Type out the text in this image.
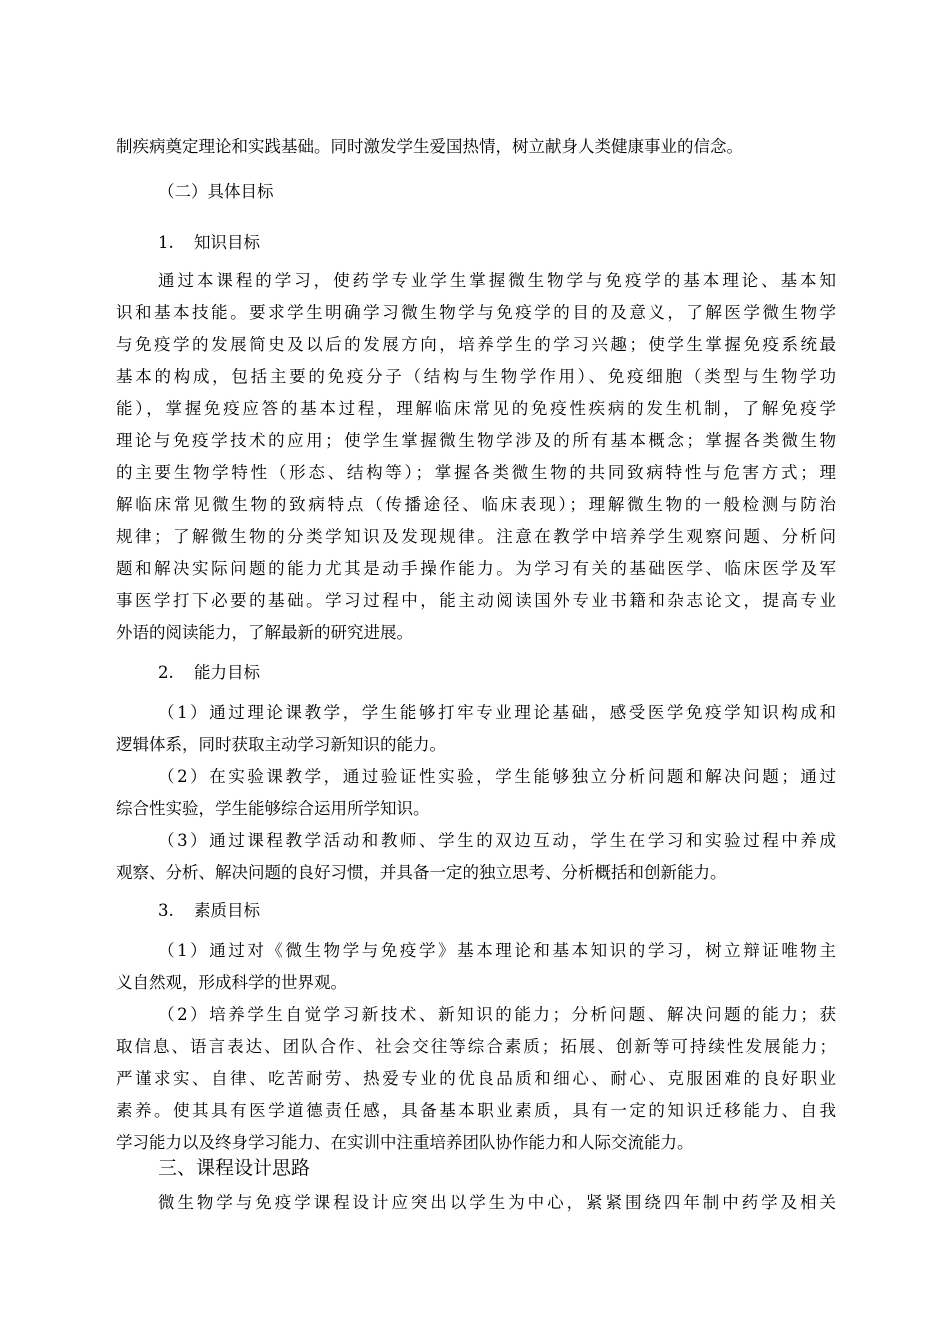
制疾病奠定理论和实践基础。同时激发学生爱国热情，树立献身人类健康事业的信念。
（二）具体目标
1. 知识目标
通过本课程的学习，使药学专业学生掌握微生物学与免疫学的基本理论、基本知
识和基本技能。要求学生明确学习微生物学与免疫学的目的及意义，了解医学微生物学
与免疫学的发展简史及以后的发展方向，培养学生的学习兴趣；使学生掌握免疫系统最
基本的构成，包括主要的免疫分子（结构与生物学作用）、免疫细胞（类型与生物学功
能），掌握免疫应答的基本过程，理解临床常见的免疫性疾病的发生机制，了解免疫学
理论与免疫学技术的应用；使学生掌握微生物学涉及的所有基本概念；掌握各类微生物
的主要生物学特性（形态、结构等）；掌握各类微生物的共同致病特性与危害方式；理
解临床常见微生物的致病特点（传播途径、临床表现）；理解微生物的一般检测与防治
规律；了解微生物的分类学知识及发现规律。注意在教学中培养学生观察问题、分析问
题和解决实际问题的能力尤其是动手操作能力。为学习有关的基础医学、临床医学及军
事医学打下必要的基础。学习过程中，能主动阅读国外专业书籍和杂志论文，提高专业
外语的阅读能力，了解最新的研究进展。
2. 能力目标
（1）通过理论课教学，学生能够打牢专业理论基础，感受医学免疫学知识构成和
逻辑体系，同时获取主动学习新知识的能力。
（2）在实验课教学，通过验证性实验，学生能够独立分析问题和解决问题；通过
综合性实验，学生能够综合运用所学知识。
（3）通过课程教学活动和教师、学生的双边互动，学生在学习和实验过程中养成
观察、分析、解决问题的良好习惯，并具备一定的独立思考、分析概括和创新能力。
3. 素质目标
（1）通过对《微生物学与免疫学》基本理论和基本知识的学习，树立辩证唯物主
义自然观，形成科学的世界观。
（2）培养学生自觉学习新技术、新知识的能力；分析问题、解决问题的能力；获
取信息、语言表达、团队合作、社会交往等综合素质；拓展、创新等可持续性发展能力；
严谨求实、自律、吃苦耐劳、热爱专业的优良品质和细心、耐心、克服困难的良好职业
素养。使其具有医学道德责任感，具备基本职业素质，具有一定的知识迁移能力、自我
学习能力以及终身学习能力、在实训中注重培养团队协作能力和人际交流能力。
三、课程设计思路
微生物学与免疫学课程设计应突出以学生为中心，紧紧围绕四年制中药学及相关
